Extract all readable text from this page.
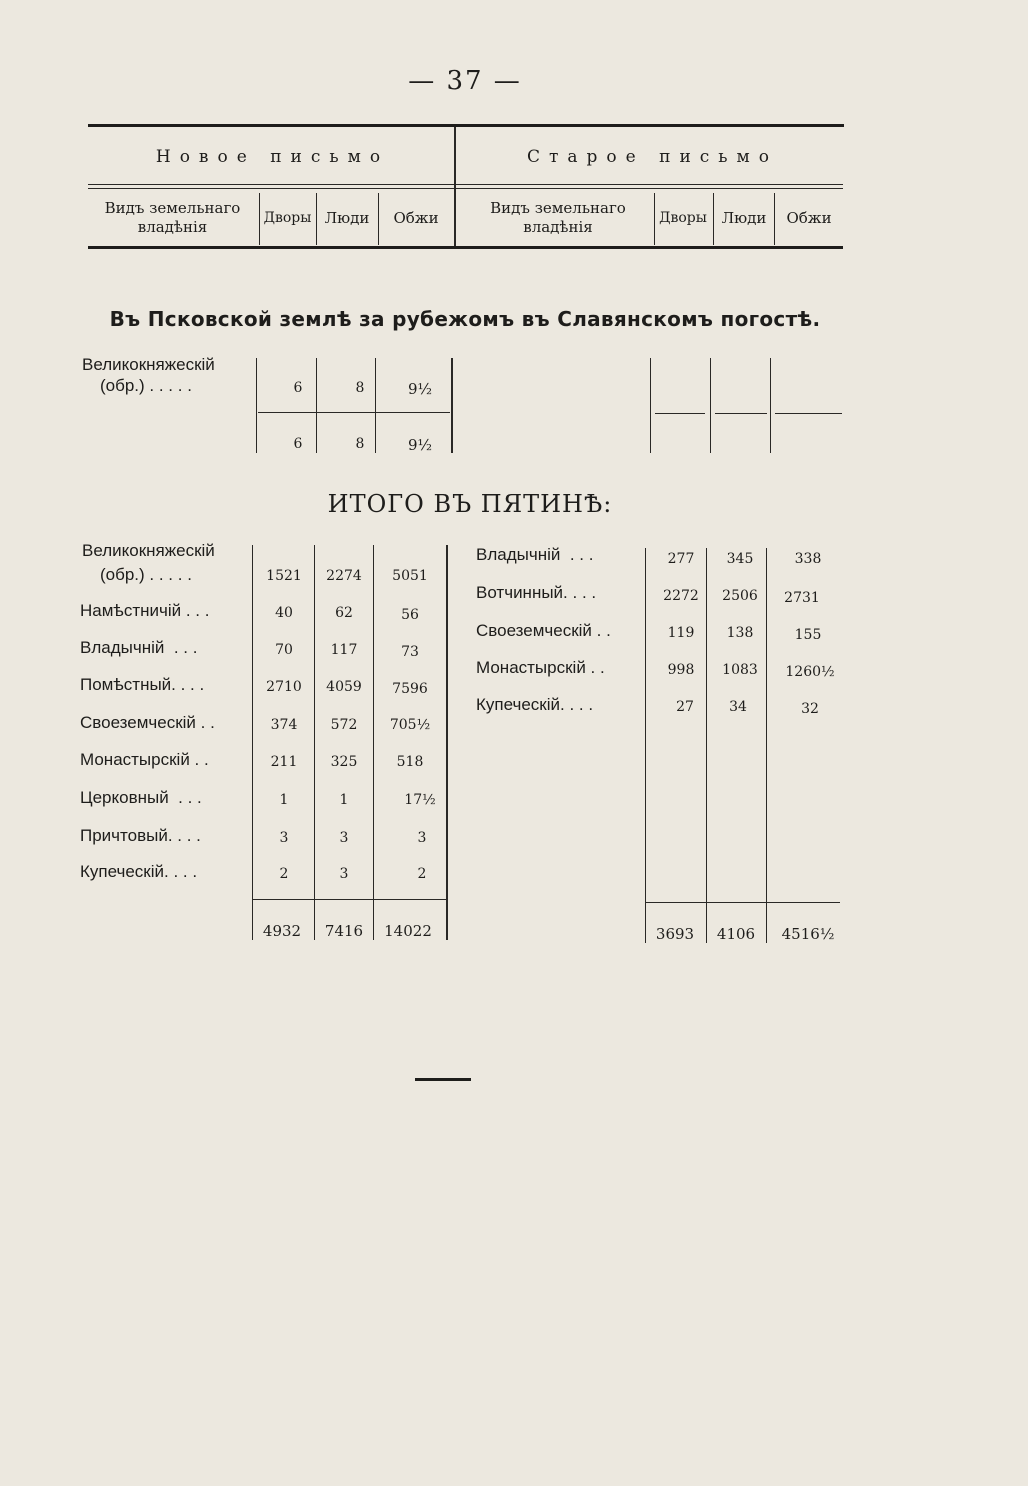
— 37 —
Новое письмо	Старое письмо
Видъ земельнаго владѣнія	Дворы Люди	Обжи
Видъ земельнаго владѣнія	Дворы Люди	Обжи
Въ Псковской землѣ за рубежомъ въ Славянскомъ погостѣ.
Великокняжескій
(обр.) . . . . .	6	8	9½
6	8	9½
ИТОГО ВЪ ПЯТИНѢ:
Великокняжескій
(обр.) . . . . .	1521	2274	5051
Намѣстничій . . .	40	62	56
Владычній  . . .	70	117	73
Помѣстный. . . .	2710	4059	7596
Своеземческій . .	374	572	705½
Монастырскій . .	211	325	518
Церковный  . . .	1	1	17½
Причтовый. . . .	3	3	3
Купеческій. . . .	2	3	2
4932	7416	14022
Владычній  . . .	277	345	338
Вотчинный. . . .	2272	2506	2731
Своеземческій . .	119	138	155
Монастырскій . .	998	1083	1260½
Купеческій. . . .	27	34	32
3693	4106	4516½
